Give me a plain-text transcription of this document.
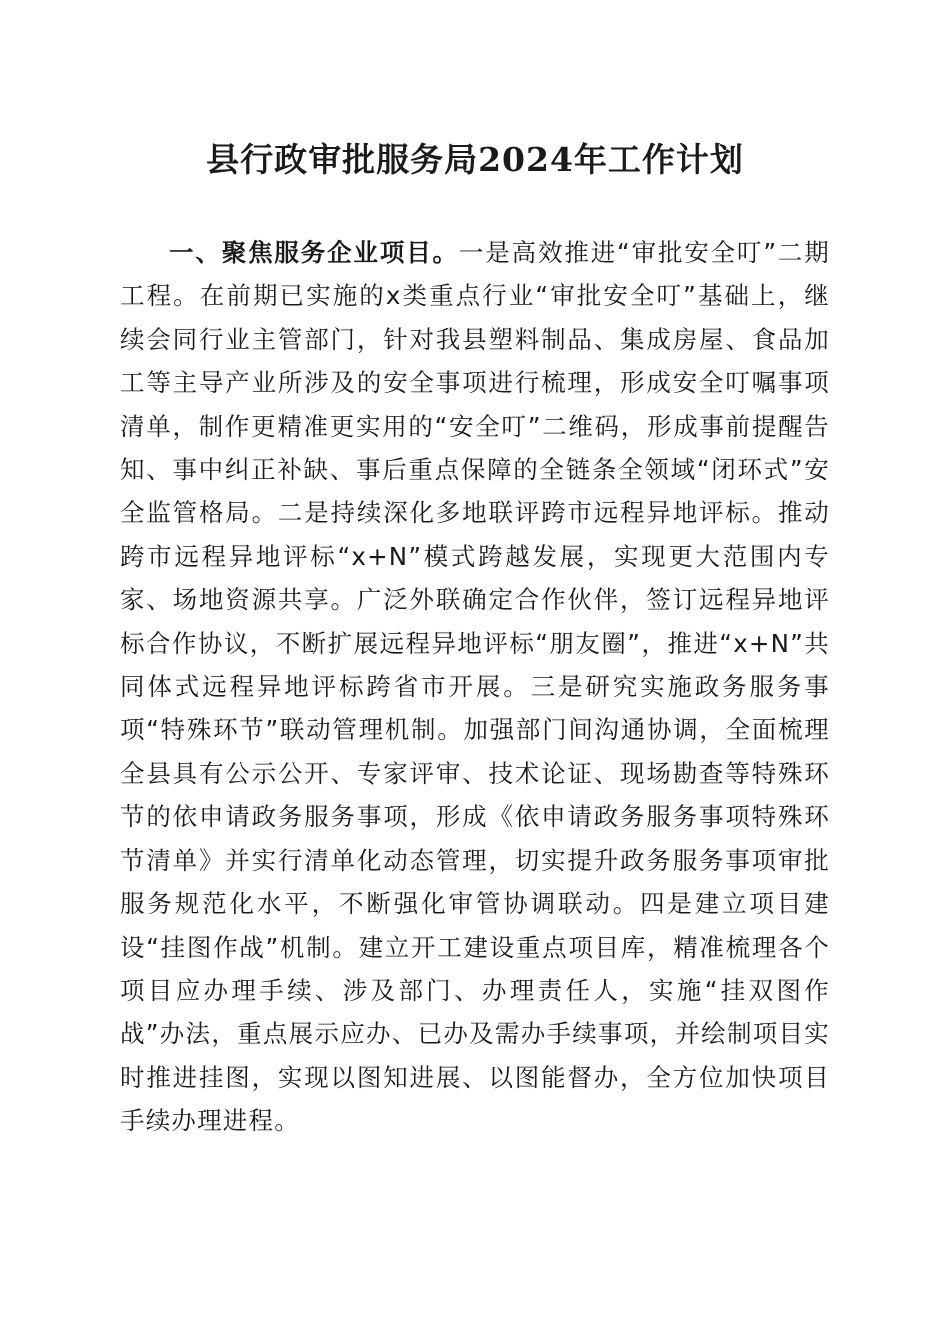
县行政审批服务局2024年工作计划

一、聚焦服务企业项目。一是高效推进“审批安全叮”二期工程。在前期已实施的x类重点行业“审批安全叮”基础上，继续会同行业主管部门，针对我县塑料制品、集成房屋、食品加工等主导产业所涉及的安全事项进行梳理，形成安全叮嘱事项清单，制作更精准更实用的“安全叮”二维码，形成事前提醒告知、事中纠正补缺、事后重点保障的全链条全领域“闭环式”安全监管格局。二是持续深化多地联评跨市远程异地评标。推动跨市远程异地评标“x+N”模式跨越发展，实现更大范围内专家、场地资源共享。广泛外联确定合作伙伴，签订远程异地评标合作协议，不断扩展远程异地评标“朋友圈”，推进“x+N”共同体式远程异地评标跨省市开展。三是研究实施政务服务事项“特殊环节”联动管理机制。加强部门间沟通协调，全面梳理全县具有公示公开、专家评审、技术论证、现场勘查等特殊环节的依申请政务服务事项，形成《依申请政务服务事项特殊环节清单》并实行清单化动态管理，切实提升政务服务事项审批服务规范化水平，不断强化审管协调联动。四是建立项目建设“挂图作战”机制。建立开工建设重点项目库，精准梳理各个项目应办理手续、涉及部门、办理责任人，实施“挂双图作战”办法，重点展示应办、已办及需办手续事项，并绘制项目实时推进挂图，实现以图知进展、以图能督办，全方位加快项目手续办理进程。
